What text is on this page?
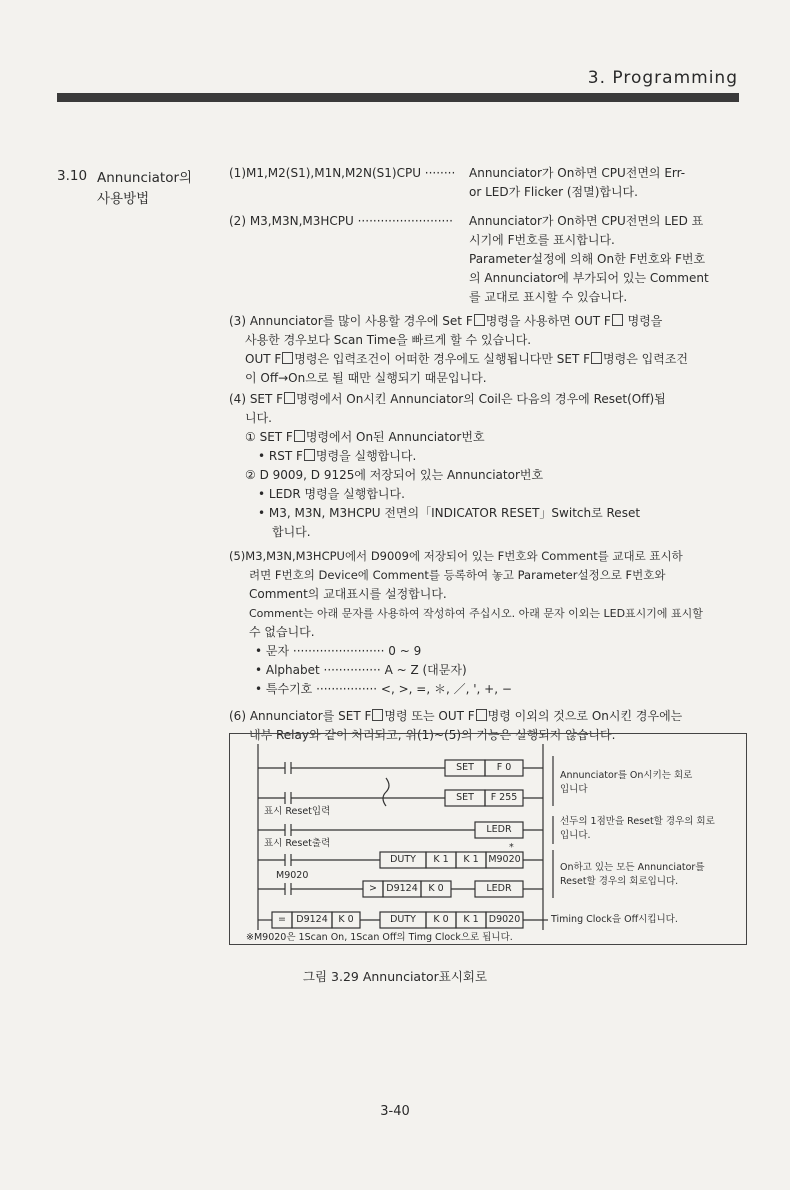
3. Programming
3.10 Annunciator의
사용방법
(1)M1,M2(S1),M1N,M2N(S1)CPU ········ Annunciator가 On하면 CPU전면의 Err-
or LED가 Flicker (점멸)합니다.
(2) M3,M3N,M3HCPU ························· Annunciator가 On하면 CPU전면의 LED 표
시기에 F번호를 표시합니다.
Parameter설정에 의해 On한 F번호와 F번호
의 Annunciator에 부가되어 있는 Comment
를 교대로 표시할 수 있습니다.
(3) Annunciator를 많이 사용할 경우에 Set F 명령을 사용하면 OUT F 명령을
사용한 경우보다 Scan Time을 빠르게 할 수 있습니다.
OUT F 명령은 입력조건이 어떠한 경우에도 실행됩니다만 SET F 명령은 입력조건
이 Off→On으로 될 때만 실행되기 때문입니다.
(4) SET F 명령에서 On시킨 Annunciator의 Coil은 다음의 경우에 Reset(Off)됩
니다.
① SET F 명령에서 On된 Annunciator번호
• RST F 명령을 실행합니다.
② D 9009, D 9125에 저장되어 있는 Annunciator번호
• LEDR 명령을 실행합니다.
• M3, M3N, M3HCPU 전면의「INDICATOR RESET」Switch로 Reset
합니다.
(5)M3,M3N,M3HCPU에서 D9009에 저장되어 있는 F번호와 Comment를 교대로 표시하
려면 F번호의 Device에 Comment를 등록하여 놓고 Parameter설정으로 F번호와
Comment의 교대표시를 설정합니다.
Comment는 아래 문자를 사용하여 작성하여 주십시오. 아래 문자 이외는 LED표시기에 표시할
수 없습니다.
• 문자 ························ 0 ~ 9
• Alphabet ··············· A ~ Z (대문자)
• 특수기호 ················ <, >, =, ＊, ／, ', +, −
(6) Annunciator를 SET F 명령 또는 OUT F 명령 이외의 것으로 On시킨 경우에는
내부 Relay와 같이 처리되고, 위(1)~(5)의 기능은 실행되지 않습니다.
SET	F 0
SET	F 255
표시 Reset입력
LEDR
표시 Reset출력	*
DUTY	K 1	K 1	M9020
M9020
> D9124	K 0	LEDR
=	D9124	K 0	DUTY	K 0	K 1	D9020
Annunciator를 On시키는 회로
입니다
선두의 1점만을 Reset할 경우의 회로
입니다.
On하고 있는 모든 Annunciator를
Reset할 경우의 회로입니다.
Timing Clock을 Off시킵니다.
※M9020은 1Scan On, 1Scan Off의 Timg Clock으로 됩니다.
그림 3.29 Annunciator표시회로
3-40
